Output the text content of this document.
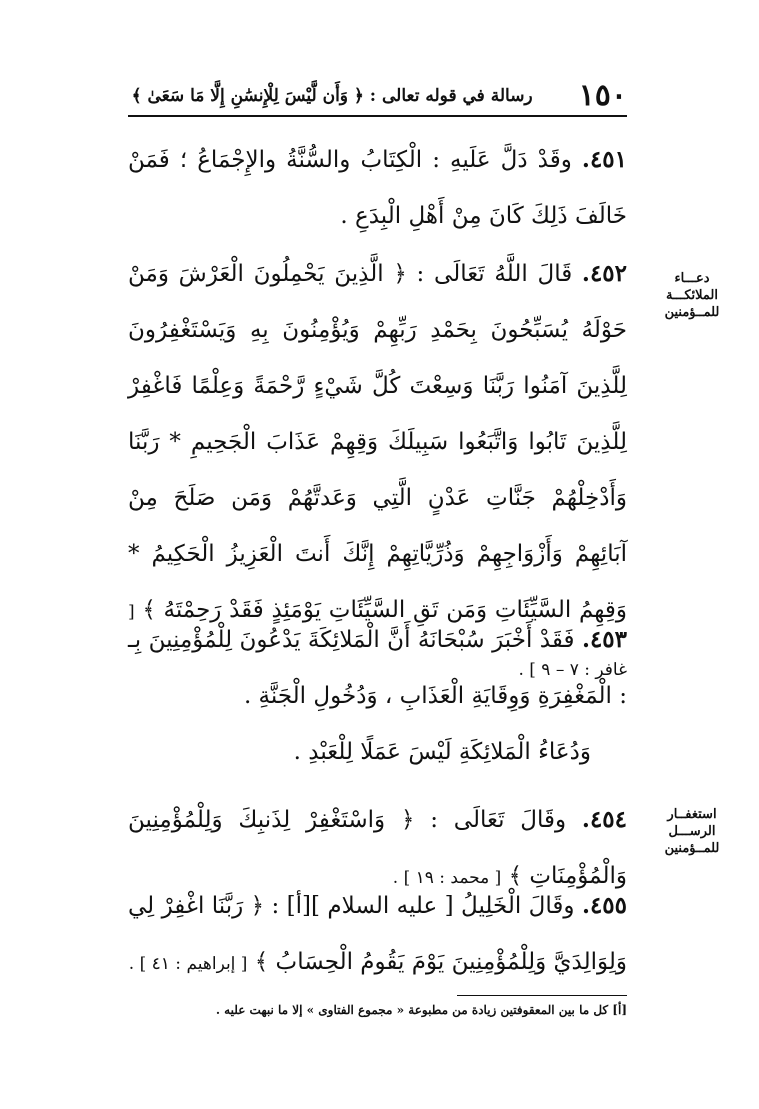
١٥٠
رسالة في قوله تعالى : ﴿ وَأَن لَّيْسَ لِلْإِنسَٰنِ إِلَّا مَا سَعَىٰ ﴾
دعـــاء
الملائكـــة
للمــؤمنين
استغفــار
الرســـل
للمــؤمنين
٤٥١. وقَدْ دَلَّ عَلَيهِ : الْكِتَابُ والسُّنَّةُ والإِجْمَاعُ ؛ فَمَنْ خَالَفَ ذَلِكَ كَانَ مِنْ أَهْلِ الْبِدَعِ .
٤٥٢. قَالَ اللَّهُ تَعَالَى : ﴿ الَّذِينَ يَحْمِلُونَ الْعَرْشَ وَمَنْ حَوْلَهُ يُسَبِّحُونَ بِحَمْدِ رَبِّهِمْ وَيُؤْمِنُونَ بِهِ وَيَسْتَغْفِرُونَ لِلَّذِينَ آمَنُوا رَبَّنَا وَسِعْتَ كُلَّ شَيْءٍ رَّحْمَةً وَعِلْمًا فَاغْفِرْ لِلَّذِينَ تَابُوا وَاتَّبَعُوا سَبِيلَكَ وَقِهِمْ عَذَابَ الْجَحِيمِ * رَبَّنَا وَأَدْخِلْهُمْ جَنَّاتِ عَدْنٍ الَّتِي وَعَدتَّهُمْ وَمَن صَلَحَ مِنْ آبَائِهِمْ وَأَزْوَاجِهِمْ وَذُرِّيَّاتِهِمْ إِنَّكَ أَنتَ الْعَزِيزُ الْحَكِيمُ * وَقِهِمُ السَّيِّئَاتِ وَمَن تَقِ السَّيِّئَاتِ يَوْمَئِذٍ فَقَدْ رَحِمْتَهُ ﴾ [ غافر : ٧ – ٩ ] .
٤٥٣. فَقَدْ أَخْبَرَ سُبْحَانَهُ أَنَّ الْمَلائِكَةَ يَدْعُونَ لِلْمُؤْمِنِينَ بِـ : الْمَغْفِرَةِ وَوِقَايَةِ الْعَذَابِ ، وَدُخُولِ الْجَنَّةِ .
وَدُعَاءُ الْمَلائِكَةِ لَيْسَ عَمَلًا لِلْعَبْدِ .
٤٥٤. وقَالَ تَعَالَى : ﴿ وَاسْتَغْفِرْ لِذَنبِكَ وَلِلْمُؤْمِنِينَ وَالْمُؤْمِنَاتِ ﴾ [ محمد : ١٩ ] .
٤٥٥. وقَالَ الْخَلِيلُ [ عليه السلام ][أ] : ﴿ رَبَّنَا اغْفِرْ لِي وَلِوَالِدَيَّ وَلِلْمُؤْمِنِينَ يَوْمَ يَقُومُ الْحِسَابُ ﴾ [ إبراهيم : ٤١ ] .
[أ] كل ما بين المعقوفتين زيادة من مطبوعة « مجموع الفتاوى » إلا ما نبهت عليه .
